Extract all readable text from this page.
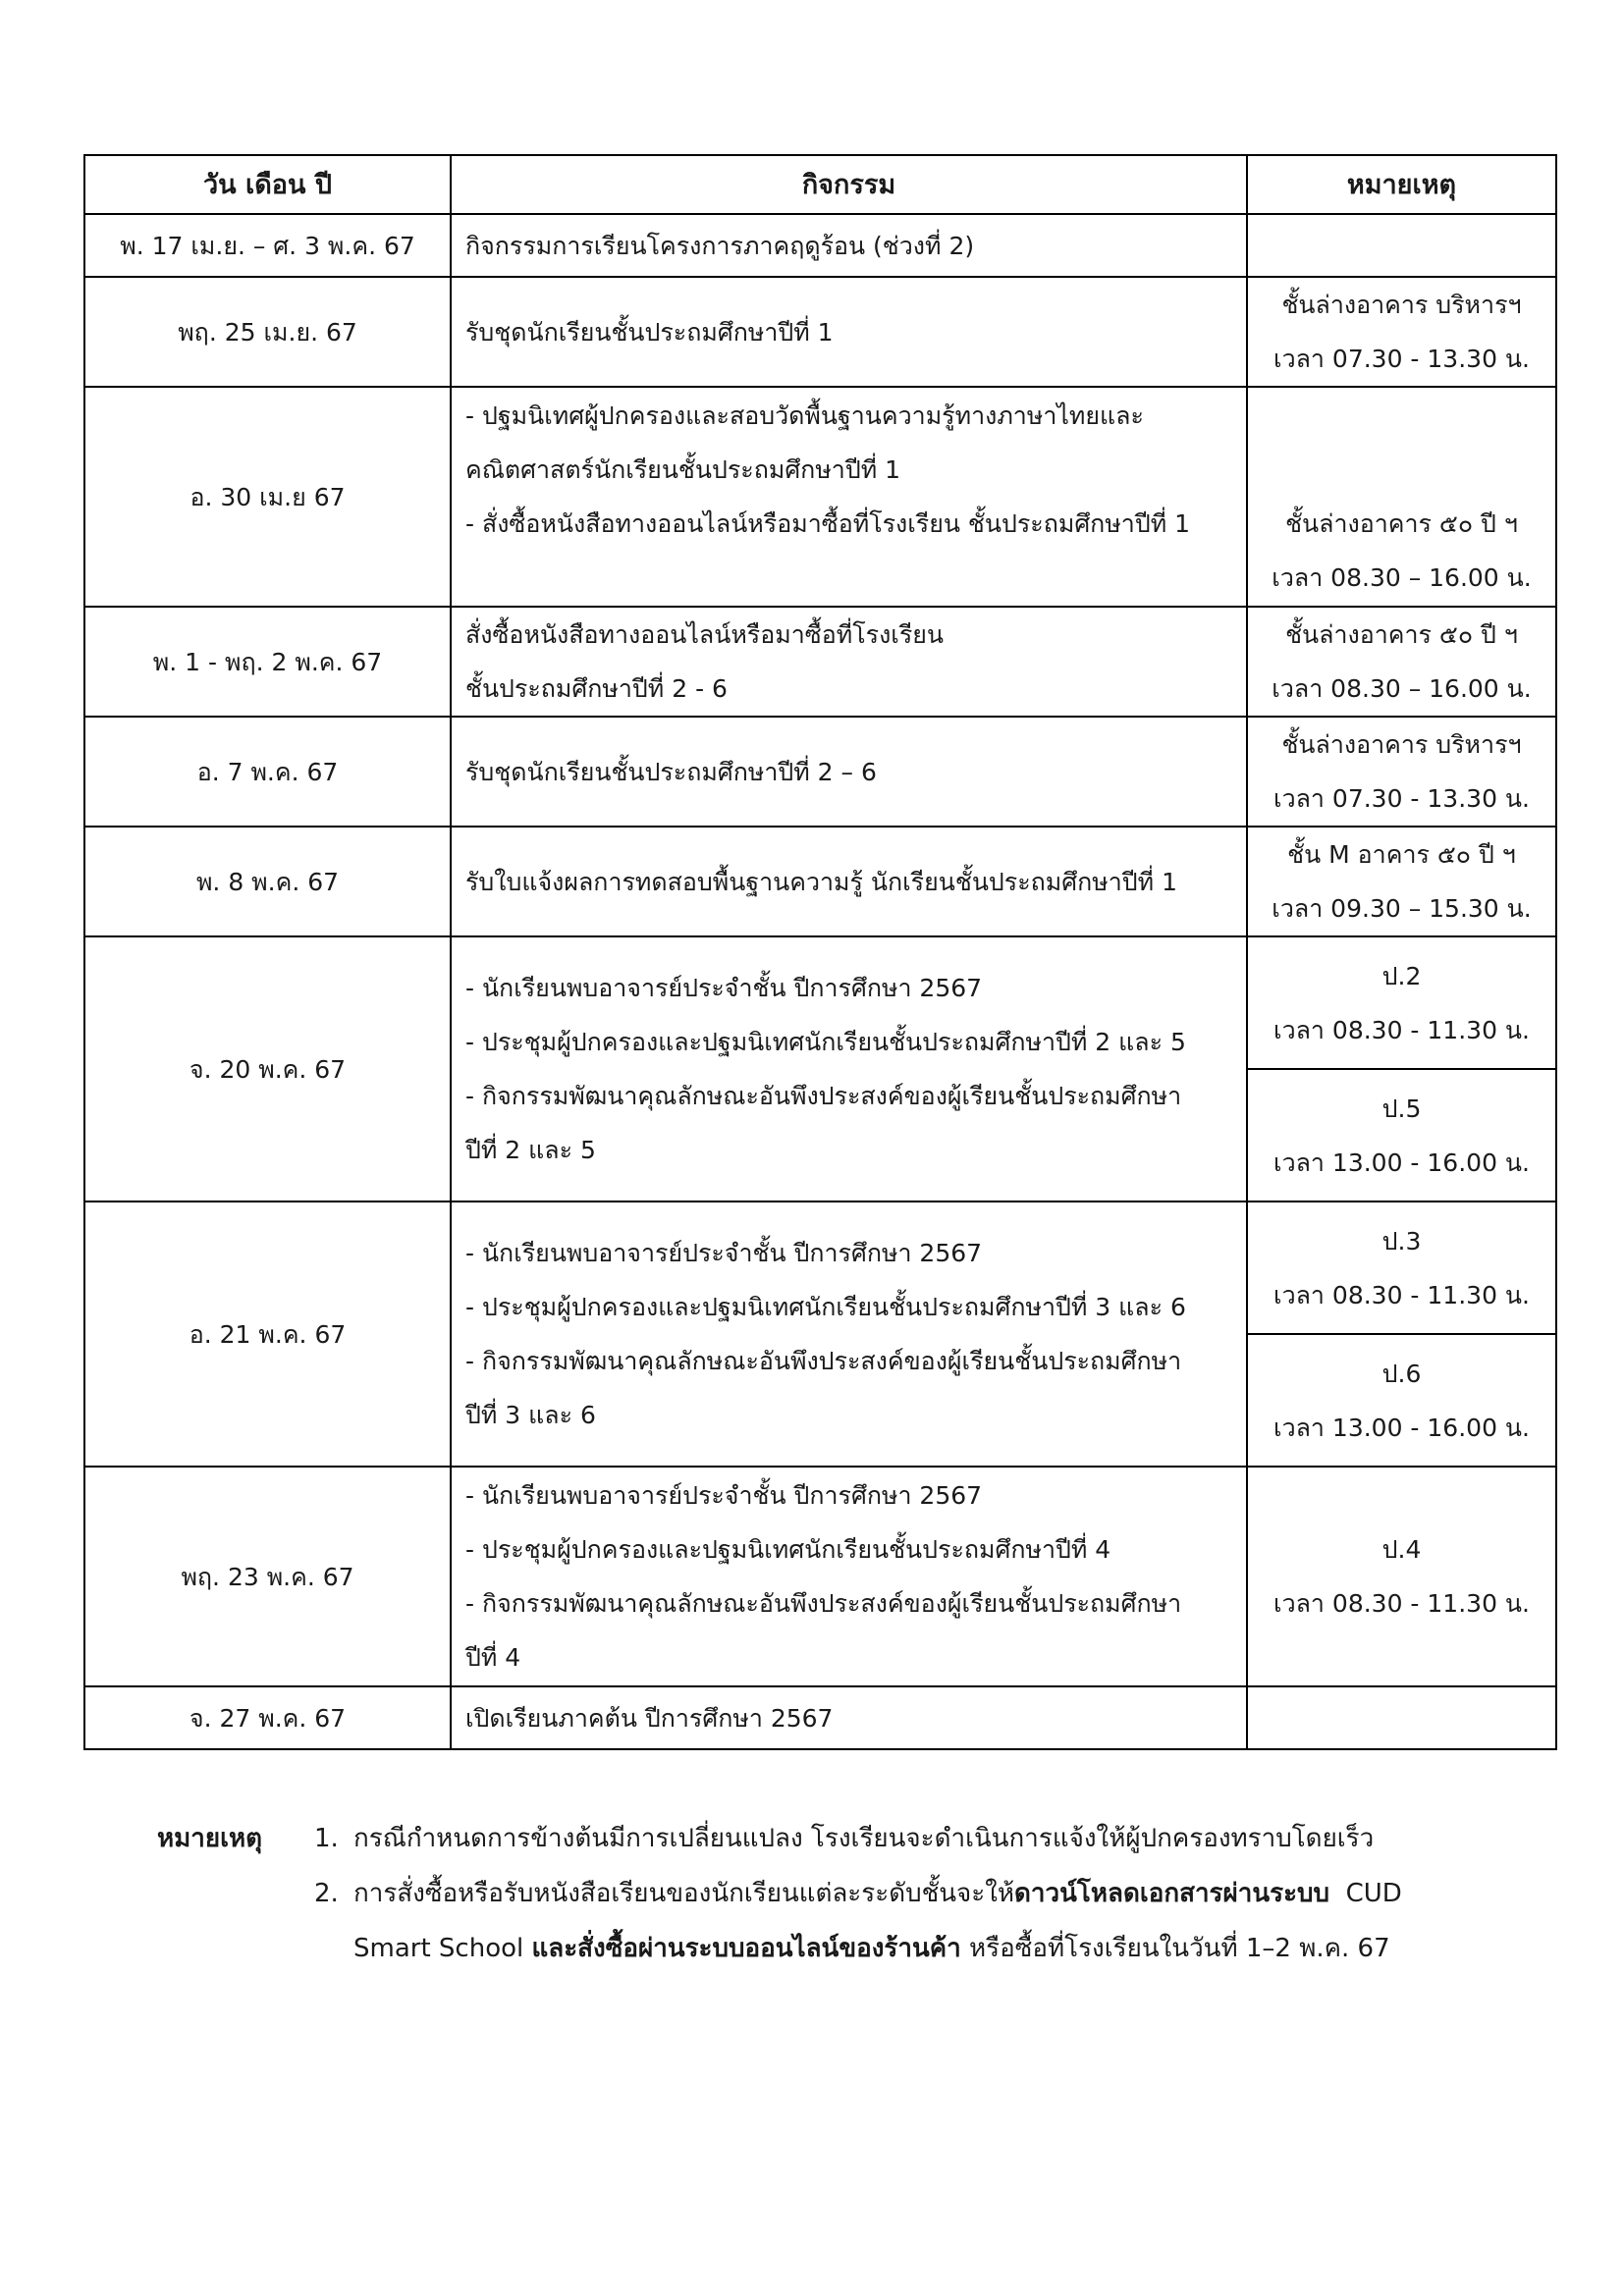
วัน เดือน ปี	กิจกรรม	หมายเหตุ
พ. 17 เม.ย. – ศ. 3 พ.ค. 67	กิจกรรมการเรียนโครงการภาคฤดูร้อน (ช่วงที่ 2)	

พฤ. 25 เม.ย. 67	รับชุดนักเรียนชั้นประถมศึกษาปีที่ 1	ชั้นล่างอาคาร บริหารฯ
เวลา 07.30 - 13.30 น.

อ. 30 เม.ย 67	- ปฐมนิเทศผู้ปกครองและสอบวัดพื้นฐานความรู้ทางภาษาไทยและ
คณิตศาสตร์นักเรียนชั้นประถมศึกษาปีที่ 1
- สั่งซื้อหนังสือทางออนไลน์หรือมาซื้อที่โรงเรียน ชั้นประถมศึกษาปีที่ 1	ชั้นล่างอาคาร ๕๐ ปี ฯ
เวลา 08.30 – 16.00 น.

พ. 1 - พฤ. 2 พ.ค. 67	สั่งซื้อหนังสือทางออนไลน์หรือมาซื้อที่โรงเรียน
ชั้นประถมศึกษาปีที่ 2 - 6	ชั้นล่างอาคาร ๕๐ ปี ฯ
เวลา 08.30 – 16.00 น.

อ. 7 พ.ค. 67	รับชุดนักเรียนชั้นประถมศึกษาปีที่ 2 – 6	ชั้นล่างอาคาร บริหารฯ
เวลา 07.30 - 13.30 น.

พ. 8 พ.ค. 67	รับใบแจ้งผลการทดสอบพื้นฐานความรู้ นักเรียนชั้นประถมศึกษาปีที่ 1	ชั้น M อาคาร ๕๐ ปี ฯ
เวลา 09.30 – 15.30 น.

จ. 20 พ.ค. 67	- นักเรียนพบอาจารย์ประจำชั้น ปีการศึกษา 2567
- ประชุมผู้ปกครองและปฐมนิเทศนักเรียนชั้นประถมศึกษาปีที่ 2 และ 5
- กิจกรรมพัฒนาคุณลักษณะอันพึงประสงค์ของผู้เรียนชั้นประถมศึกษา
ปีที่ 2 และ 5	ป.2
เวลา 08.30 - 11.30 น.

		ป.5
เวลา 13.00 - 16.00 น.

อ. 21 พ.ค. 67	- นักเรียนพบอาจารย์ประจำชั้น ปีการศึกษา 2567
- ประชุมผู้ปกครองและปฐมนิเทศนักเรียนชั้นประถมศึกษาปีที่ 3 และ 6
- กิจกรรมพัฒนาคุณลักษณะอันพึงประสงค์ของผู้เรียนชั้นประถมศึกษา
ปีที่ 3 และ 6	ป.3
เวลา 08.30 - 11.30 น.

		ป.6
เวลา 13.00 - 16.00 น.

พฤ. 23 พ.ค. 67	- นักเรียนพบอาจารย์ประจำชั้น ปีการศึกษา 2567
- ประชุมผู้ปกครองและปฐมนิเทศนักเรียนชั้นประถมศึกษาปีที่ 4
- กิจกรรมพัฒนาคุณลักษณะอันพึงประสงค์ของผู้เรียนชั้นประถมศึกษา
ปีที่ 4	ป.4
เวลา 08.30 - 11.30 น.

จ. 27 พ.ค. 67	เปิดเรียนภาคต้น ปีการศึกษา 2567	

หมายเหตุ 1. กรณีกำหนดการข้างต้นมีการเปลี่ยนแปลง โรงเรียนจะดำเนินการแจ้งให้ผู้ปกครองทราบโดยเร็ว
2. การสั่งซื้อหรือรับหนังสือเรียนของนักเรียนแต่ละระดับชั้นจะให้ดาวน์โหลดเอกสารผ่านระบบ  CUD
Smart School และสั่งซื้อผ่านระบบออนไลน์ของร้านค้า หรือซื้อที่โรงเรียนในวันที่ 1–2 พ.ค. 67
